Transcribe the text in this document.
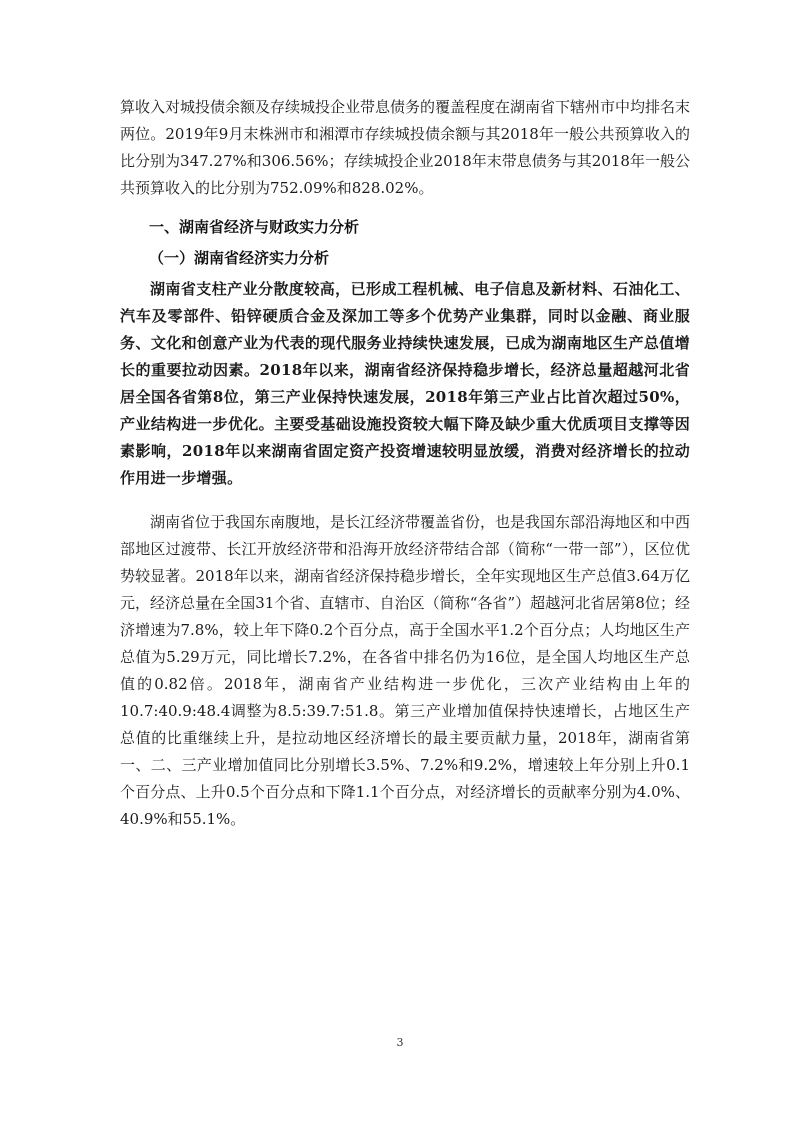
算收入对城投债余额及存续城投企业带息债务的覆盖程度在湖南省下辖州市中均排名末两位。2019年9月末株洲市和湘潭市存续城投债余额与其2018年一般公共预算收入的比分别为347.27%和306.56%；存续城投企业2018年末带息债务与其2018年一般公共预算收入的比分别为752.09%和828.02%。

一、湖南省经济与财政实力分析
（一）湖南省经济实力分析

湖南省支柱产业分散度较高，已形成工程机械、电子信息及新材料、石油化工、汽车及零部件、铅锌硬质合金及深加工等多个优势产业集群，同时以金融、商业服务、文化和创意产业为代表的现代服务业持续快速发展，已成为湖南地区生产总值增长的重要拉动因素。2018年以来，湖南省经济保持稳步增长，经济总量超越河北省居全国各省第8位，第三产业保持快速发展，2018年第三产业占比首次超过50%，产业结构进一步优化。主要受基础设施投资较大幅下降及缺少重大优质项目支撑等因素影响，2018年以来湖南省固定资产投资增速较明显放缓，消费对经济增长的拉动作用进一步增强。

湖南省位于我国东南腹地，是长江经济带覆盖省份，也是我国东部沿海地区和中西部地区过渡带、长江开放经济带和沿海开放经济带结合部（简称“一带一部”），区位优势较显著。2018年以来，湖南省经济保持稳步增长，全年实现地区生产总值3.64万亿元，经济总量在全国31个省、直辖市、自治区（简称“各省”）超越河北省居第8位；经济增速为7.8%，较上年下降0.2个百分点，高于全国水平1.2个百分点；人均地区生产总值为5.29万元，同比增长7.2%，在各省中排名仍为16位，是全国人均地区生产总值的0.82倍。2018年，湖南省产业结构进一步优化，三次产业结构由上年的10.7:40.9:48.4调整为8.5:39.7:51.8。第三产业增加值保持快速增长，占地区生产总值的比重继续上升，是拉动地区经济增长的最主要贡献力量，2018年，湖南省第一、二、三产业增加值同比分别增长3.5%、7.2%和9.2%，增速较上年分别上升0.1个百分点、上升0.5个百分点和下降1.1个百分点，对经济增长的贡献率分别为4.0%、40.9%和55.1%。

3
